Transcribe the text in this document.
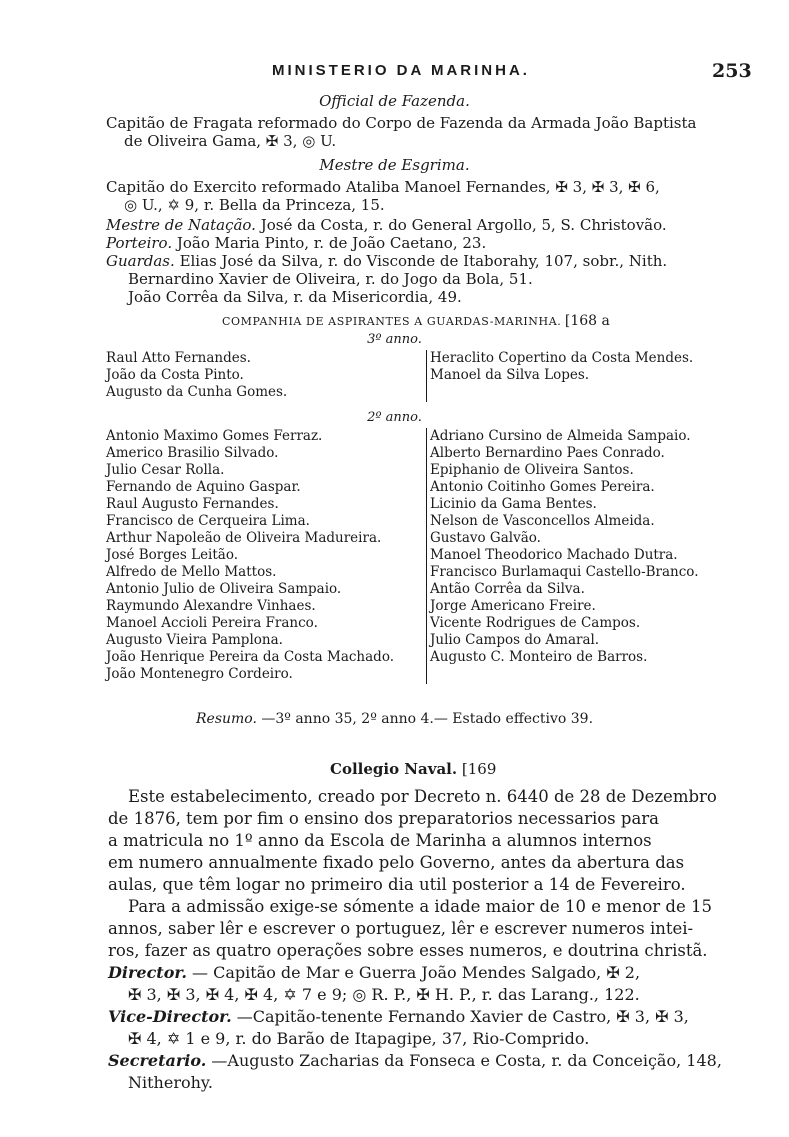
MINISTERIO DA MARINHA.	253
Official de Fazenda.
Capitão de Fragata reformado do Corpo de Fazenda da Armada João Baptista
de Oliveira Gama, ✠ 3, ◎ U.
Mestre de Esgrima.
Capitão do Exercito reformado Ataliba Manoel Fernandes, ✠ 3, ✠ 3, ✠ 6,
◎ U., ✡ 9, r. Bella da Princeza, 15.
Mestre de Natação. José da Costa, r. do General Argollo, 5, S. Christovão.
Porteiro. João Maria Pinto, r. de João Caetano, 23.
Guardas. Elias José da Silva, r. do Visconde de Itaborahy, 107, sobr., Nith.
Bernardino Xavier de Oliveira, r. do Jogo da Bola, 51.
João Corrêa da Silva, r. da Misericordia, 49.
COMPANHIA DE ASPIRANTES A GUARDAS-MARINHA. [168 a
3º anno.
Raul Atto Fernandes.
João da Costa Pinto.
Augusto da Cunha Gomes.
Heraclito Copertino da Costa Mendes.
Manoel da Silva Lopes.
2º anno.
Antonio Maximo Gomes Ferraz.
Americo Brasilio Silvado.
Julio Cesar Rolla.
Fernando de Aquino Gaspar.
Raul Augusto Fernandes.
Francisco de Cerqueira Lima.
Arthur Napoleão de Oliveira Madureira.
José Borges Leitão.
Alfredo de Mello Mattos.
Antonio Julio de Oliveira Sampaio.
Raymundo Alexandre Vinhaes.
Manoel Accioli Pereira Franco.
Augusto Vieira Pamplona.
João Henrique Pereira da Costa Machado.
João Montenegro Cordeiro.
Adriano Cursino de Almeida Sampaio.
Alberto Bernardino Paes Conrado.
Epiphanio de Oliveira Santos.
Antonio Coitinho Gomes Pereira.
Licinio da Gama Bentes.
Nelson de Vasconcellos Almeida.
Gustavo Galvão.
Manoel Theodorico Machado Dutra.
Francisco Burlamaqui Castello-Branco.
Antão Corrêa da Silva.
Jorge Americano Freire.
Vicente Rodrigues de Campos.
Julio Campos do Amaral.
Augusto C. Monteiro de Barros.
Resumo. —3º anno 35, 2º anno 4.— Estado effectivo 39.
Collegio Naval. [169
Este estabelecimento, creado por Decreto n. 6440 de 28 de Dezembro
de 1876, tem por fim o ensino dos preparatorios necessarios para
a matricula no 1º anno da Escola de Marinha a alumnos internos
em numero annualmente fixado pelo Governo, antes da abertura das
aulas, que têm logar no primeiro dia util posterior a 14 de Fevereiro.
Para a admissão exige-se sómente a idade maior de 10 e menor de 15
annos, saber lêr e escrever o portuguez, lêr e escrever numeros intei-
ros, fazer as quatro operações sobre esses numeros, e doutrina christã.
Director. — Capitão de Mar e Guerra João Mendes Salgado, ✠ 2,
✠ 3, ✠ 3, ✠ 4, ✠ 4, ✡ 7 e 9; ◎ R. P., ✠ H. P., r. das Larang., 122.
Vice-Director. —Capitão-tenente Fernando Xavier de Castro, ✠ 3, ✠ 3,
✠ 4, ✡ 1 e 9, r. do Barão de Itapagipe, 37, Rio-Comprido.
Secretario. —Augusto Zacharias da Fonseca e Costa, r. da Conceição, 148,
Nitherohy.
